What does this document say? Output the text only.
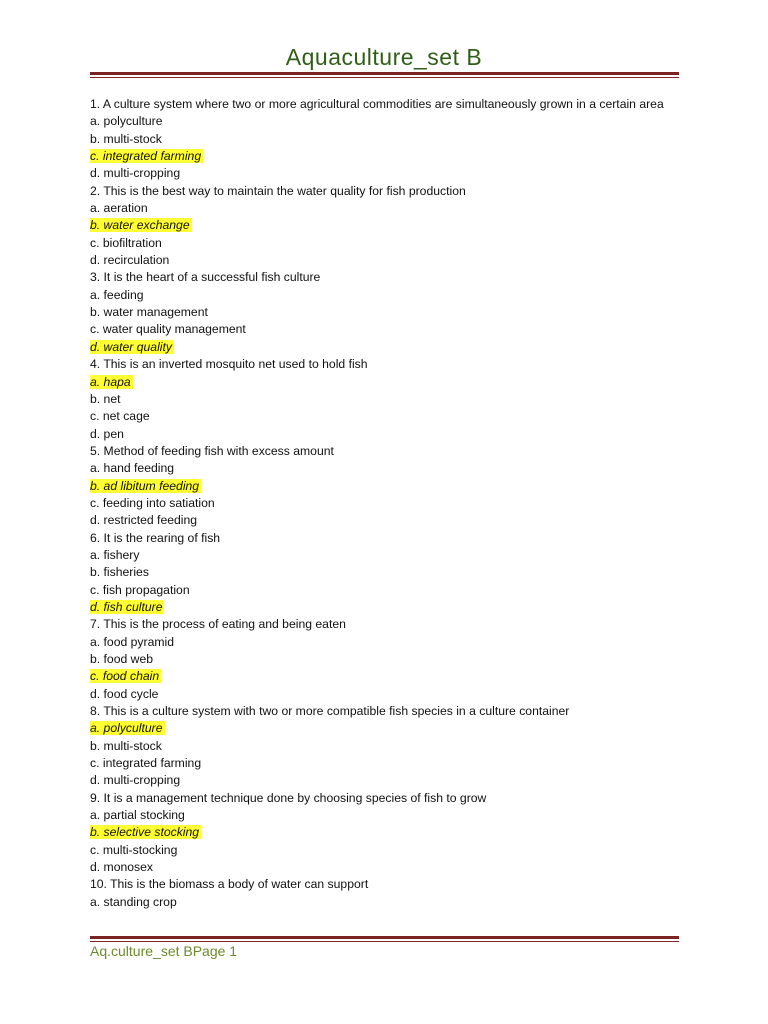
Aquaculture_set B
1. A culture system where two or more agricultural commodities are simultaneously grown in a certain area
a. polyculture
b. multi-stock
c. integrated farming
d. multi-cropping
2. This is the best way to maintain the water quality for fish production
a. aeration
b. water exchange
c. biofiltration
d. recirculation
3. It is the heart of a successful fish culture
a. feeding
b. water management
c. water quality management
d. water quality
4. This is an inverted mosquito net used to hold fish
a. hapa
b. net
c. net cage
d. pen
5. Method of feeding fish with excess amount
a. hand feeding
b. ad libitum feeding
c. feeding into satiation
d. restricted feeding
6. It is the rearing of fish
a. fishery
b. fisheries
c. fish propagation
d. fish culture
7. This is the process of eating and being eaten
a. food pyramid
b. food web
c. food chain
d. food cycle
8. This is a culture system with two or more compatible fish species in a culture container
a. polyculture
b. multi-stock
c. integrated farming
d. multi-cropping
9. It is a management technique done by choosing species of fish to grow
a. partial stocking
b. selective stocking
c. multi-stocking
d. monosex
10. This is the biomass a body of water can support
a. standing crop
Aq.culture_set BPage 1
